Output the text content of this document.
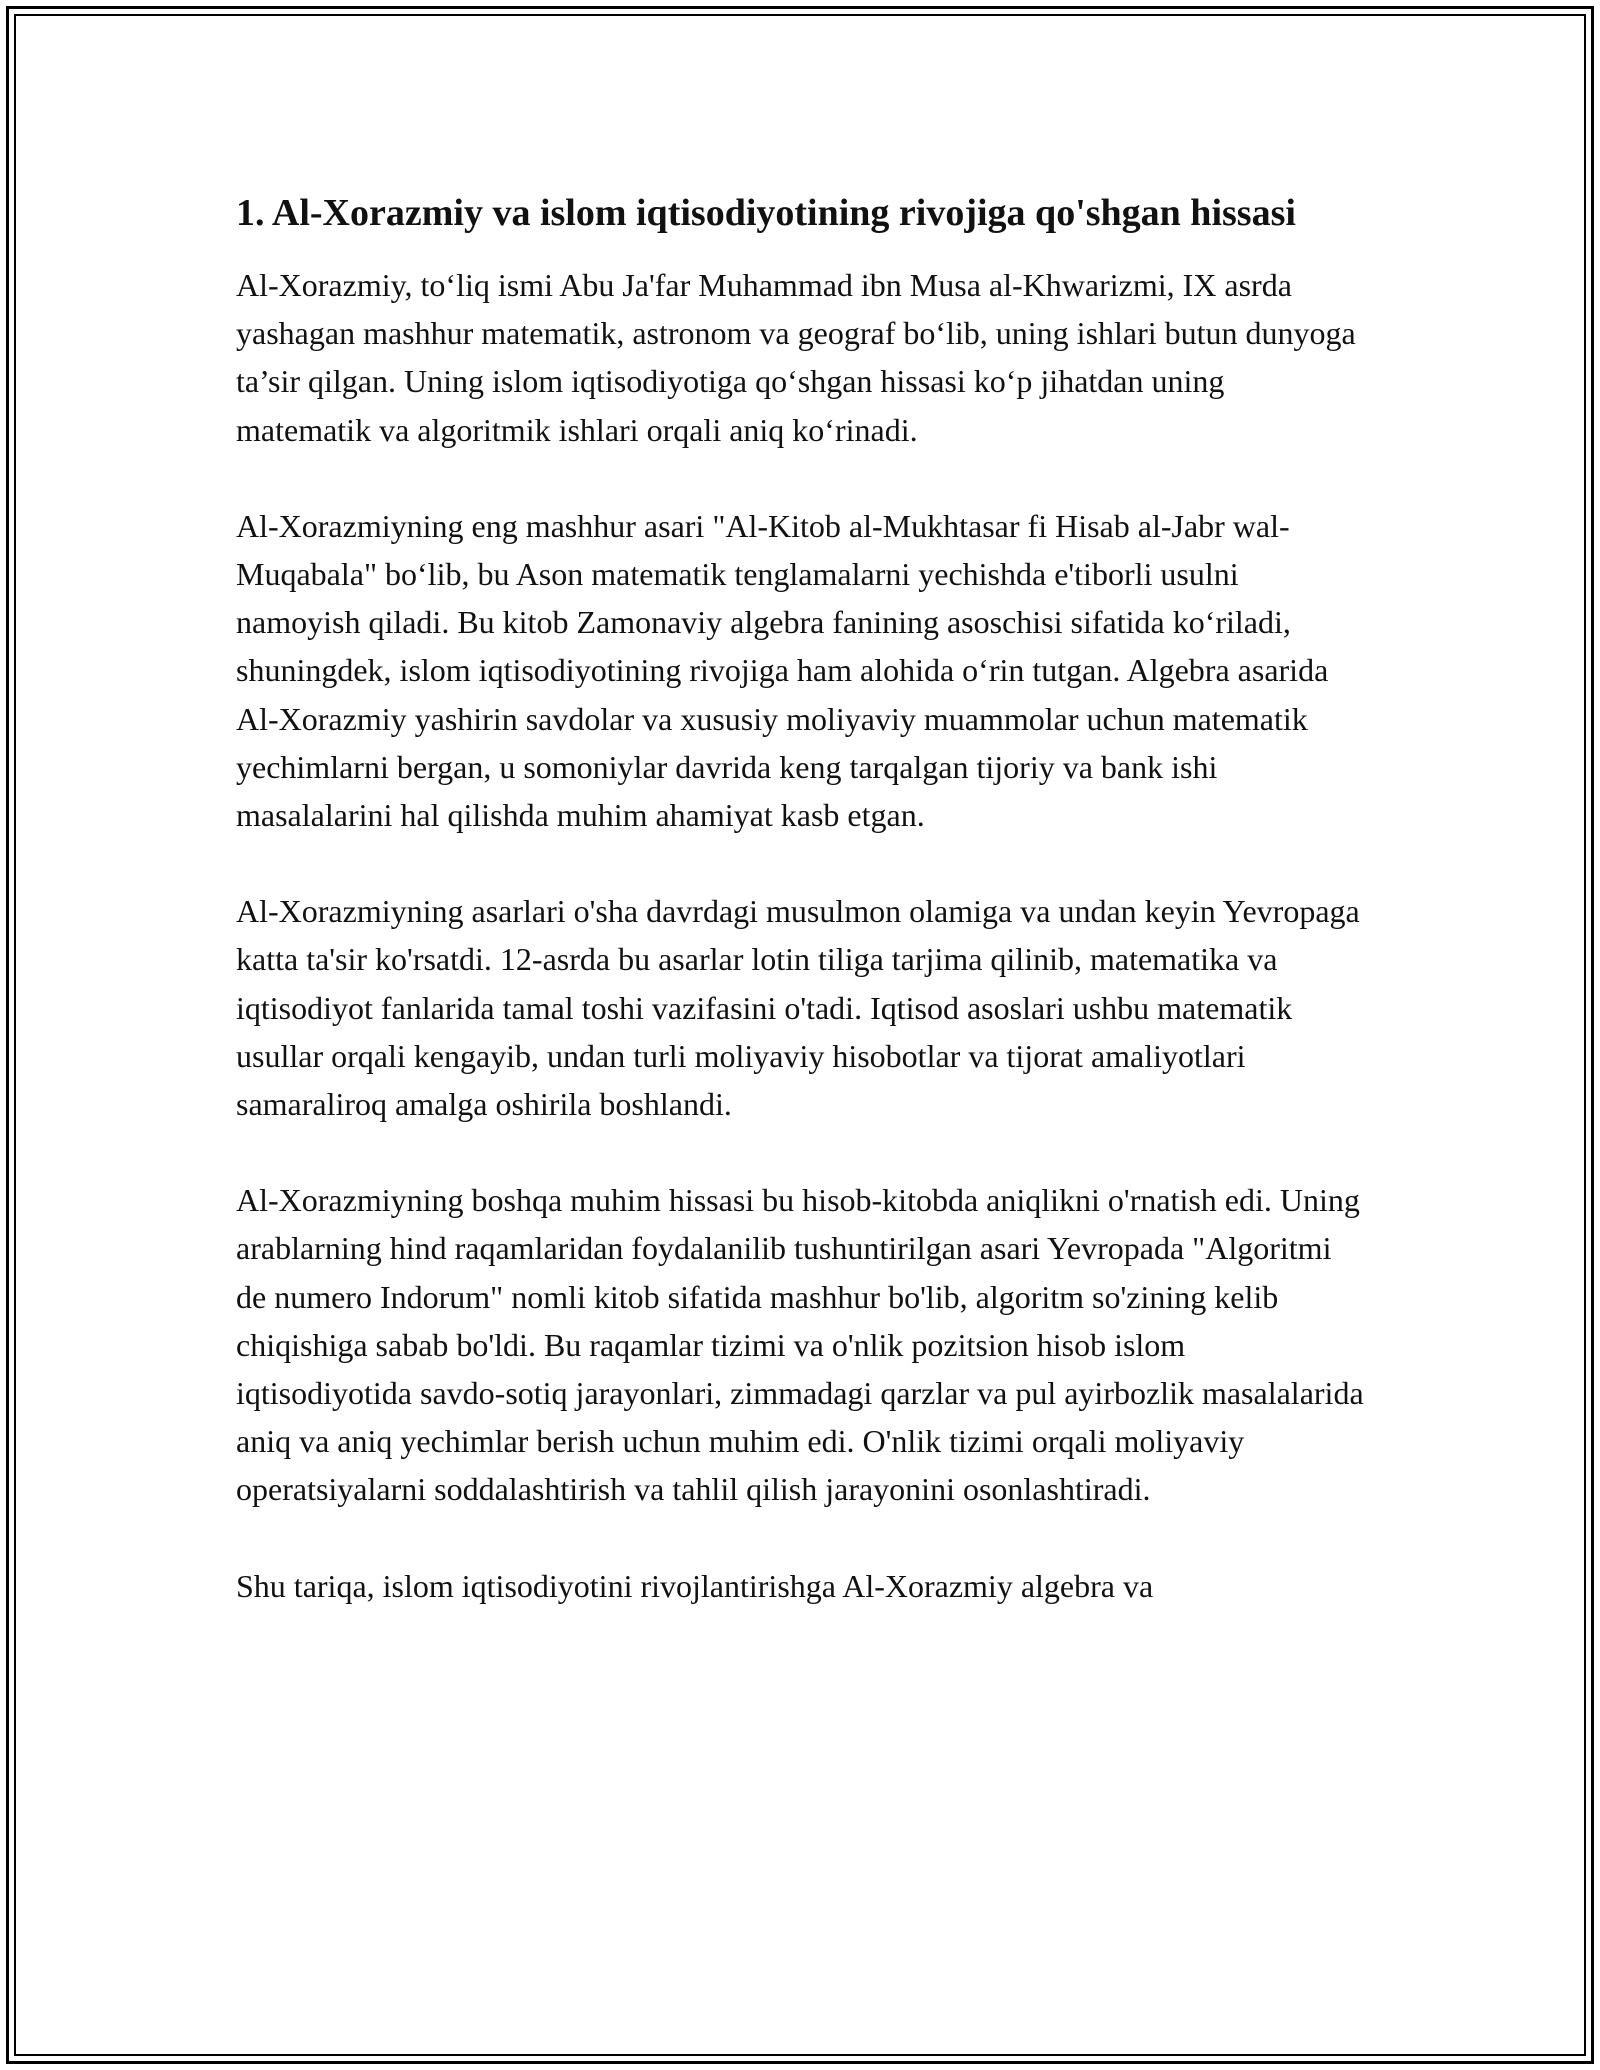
1. Al-Xorazmiy va islom iqtisodiyotining rivojiga qo'shgan hissasi

Al-Xorazmiy, to‘liq ismi Abu Ja'far Muhammad ibn Musa al-Khwarizmi, IX asrda yashagan mashhur matematik, astronom va geograf bo‘lib, uning ishlari butun dunyoga ta’sir qilgan. Uning islom iqtisodiyotiga qo‘shgan hissasi ko‘p jihatdan uning matematik va algoritmik ishlari orqali aniq ko‘rinadi.

Al-Xorazmiyning eng mashhur asari "Al-Kitob al-Mukhtasar fi Hisab al-Jabr wal-Muqabala" bo‘lib, bu Ason matematik tenglamalarni yechishda e'tiborli usulni namoyish qiladi. Bu kitob Zamonaviy algebra fanining asoschisi sifatida ko‘riladi, shuningdek, islom iqtisodiyotining rivojiga ham alohida o‘rin tutgan. Algebra asarida Al-Xorazmiy yashirin savdolar va xususiy moliyaviy muammolar uchun matematik yechimlarni bergan, u somoniylar davrida keng tarqalgan tijoriy va bank ishi masalalarini hal qilishda muhim ahamiyat kasb etgan.

Al-Xorazmiyning asarlari o'sha davrdagi musulmon olamiga va undan keyin Yevropaga katta ta'sir ko'rsatdi. 12-asrda bu asarlar lotin tiliga tarjima qilinib, matematika va iqtisodiyot fanlarida tamal toshi vazifasini o'tadi. Iqtisod asoslari ushbu matematik usullar orqali kengayib, undan turli moliyaviy hisobotlar va tijorat amaliyotlari samaraliroq amalga oshirila boshlandi.

Al-Xorazmiyning boshqa muhim hissasi bu hisob-kitobda aniqlikni o'rnatish edi. Uning arablarning hind raqamlaridan foydalanilib tushuntirilgan asari Yevropada "Algoritmi de numero Indorum" nomli kitob sifatida mashhur bo'lib, algoritm so'zining kelib chiqishiga sabab bo'ldi. Bu raqamlar tizimi va o'nlik pozitsion hisob islom iqtisodiyotida savdo-sotiq jarayonlari, zimmadagi qarzlar va pul ayirbozlik masalalarida aniq va aniq yechimlar berish uchun muhim edi. O'nlik tizimi orqali moliyaviy operatsiyalarni soddalashtirish va tahlil qilish jarayonini osonlashtiradi.

Shu tariqa, islom iqtisodiyotini rivojlantirishga Al-Xorazmiy algebra va
